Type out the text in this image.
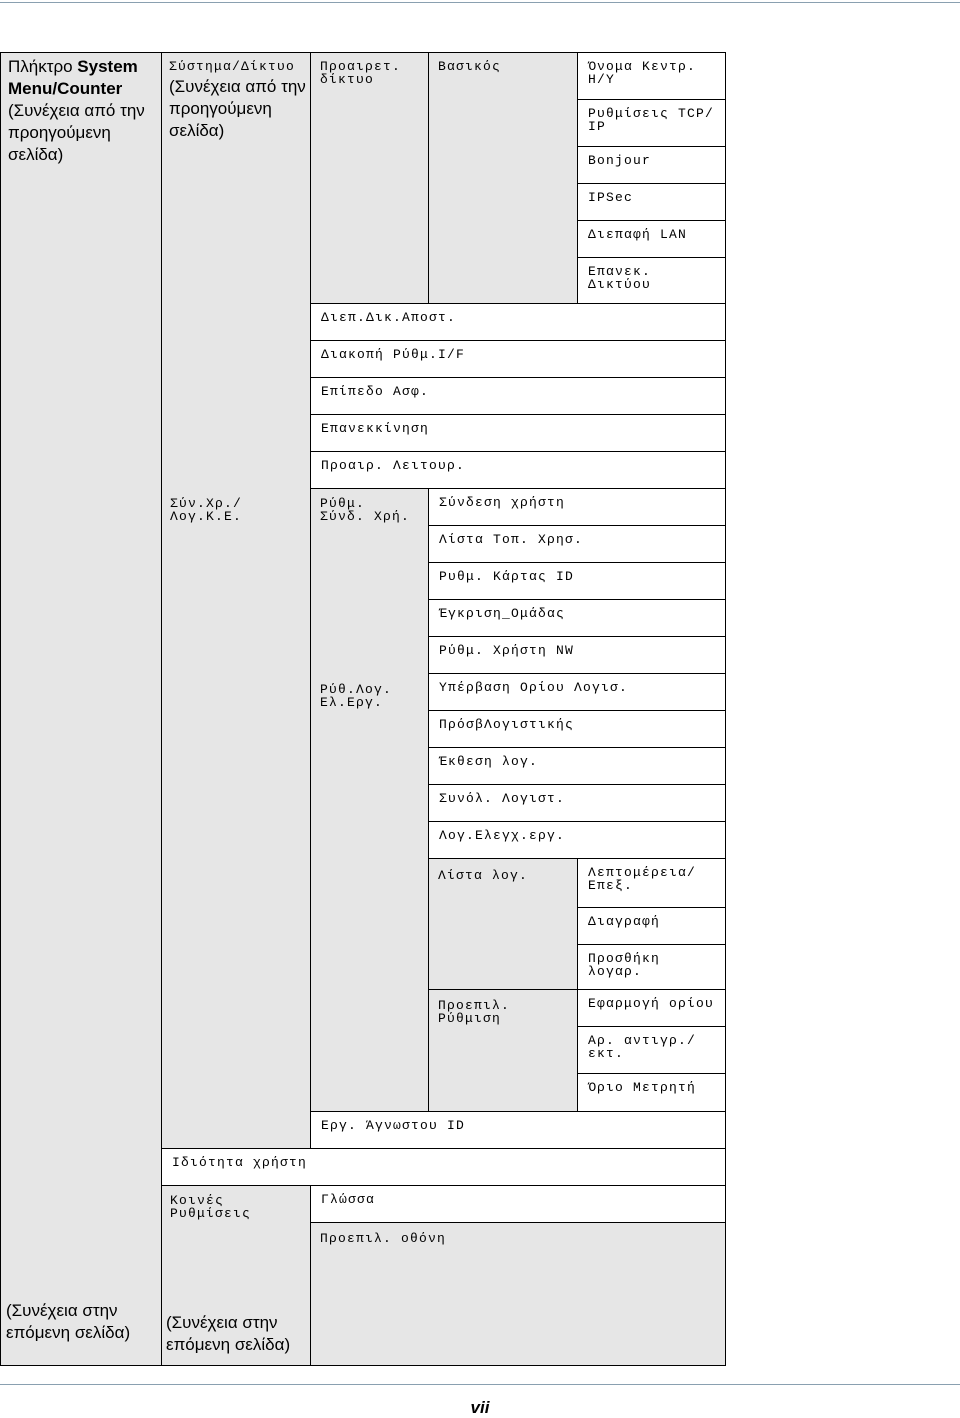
Πλήκτρο System Menu/Counter
(Συνέχεια από την προηγούμενη σελίδα)
(Συνέχεια στην επόμενη σελίδα)
Σύστημα/Δίκτυο
(Συνέχεια από την προηγούμενη σελίδα)
Σύν.Χρ./
Λογ.Κ.Ε.
Ιδιότητα χρήστη
Κοινές
Ρυθμίσεις
(Συνέχεια στην επόμενη σελίδα)
Προαιρετ.
δίκτυο
Διεπ.Δικ.Αποστ.
Διακοπή Ρύθμ.I/F
Επίπεδο Ασφ.
Επανεκκίνηση
Προαιρ. Λειτουρ.
Ρύθμ.
Σύνδ. Χρή.
Ρύθ.Λογ.
Ελ.Εργ.
Εργ. Άγνωστου ID
Γλώσσα
Προεπιλ. οθόνη
Βασικός
Σύνδεση χρήστη
Λίστα Τοπ. Χρησ.
Ρυθμ. Κάρτας ID
Έγκριση_Ομάδας
Ρύθμ. Χρήστη NW
Υπέρβαση Ορίου Λογισ.
ΠρόσβΛογιστικής
Έκθεση λογ.
Συνόλ. Λογιστ.
Λογ.Ελεγχ.εργ.
Λίστα λογ.
Προεπιλ.
Ρύθμιση
Όνομα Κεντρ.
Η/Υ
Ρυθμίσεις TCP/
IP
Bonjour
IPSec
Διεπαφή LAN
Επανεκ.
Δικτύου
Λεπτομέρεια/
Επεξ.
Διαγραφή
Προσθήκη
λογαρ.
Εφαρμογή ορίου
Αρ. αντιγρ./
εκτ.
Όριο Μετρητή
vii
